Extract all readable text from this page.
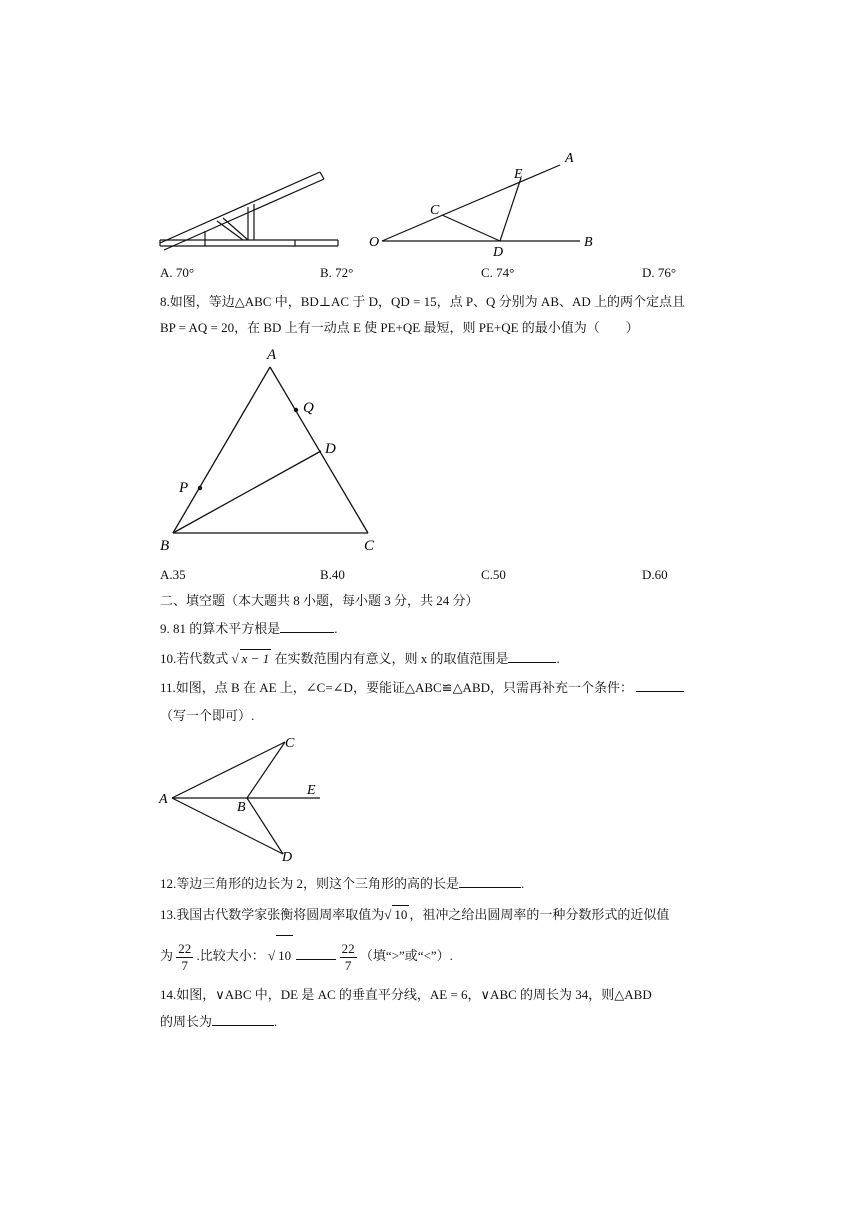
A
E
C
O
D
B
A. 70°	B. 72°	C. 74°	D. 76°
8.如图，等边△ABC 中，BD⊥AC 于 D，QD = 15，点 P、Q 分别为 AB、AD 上的两个定点且
BP = AQ = 20，在 BD 上有一动点 E 使 PE+QE 最短，则 PE+QE 的最小值为（　　）
A
Q
D
P
B	C
A.35	B.40	C.50	D.60
二、填空题（本大题共 8 小题，每小题 3 分，共 24 分）
9. 81 的算术平方根是	.
10.若代数式 √ x − 1 在实数范围内有意义，则 x 的取值范围是	.
11.如图，点 B 在 AE 上，∠C=∠D，要能证△ABC≌△ABD，只需再补充一个条件：
（写一个即可）.
C
A
B
E
D
12.等边三角形的边长为 2，则这个三角形的高的长是	.
13.我国古代数学家张衡将圆周率取值为√ 10 ，祖冲之给出圆周率的一种分数形式的近似值
为 $\frac{22}{7}$ .比较大小： √ 10	$\frac{22}{7}$ （填“>”或“<”）.
14.如图，∨ABC 中，DE 是 AC 的垂直平分线，AE = 6，∨ABC 的周长为 34，则△ABD
的周长为	.
